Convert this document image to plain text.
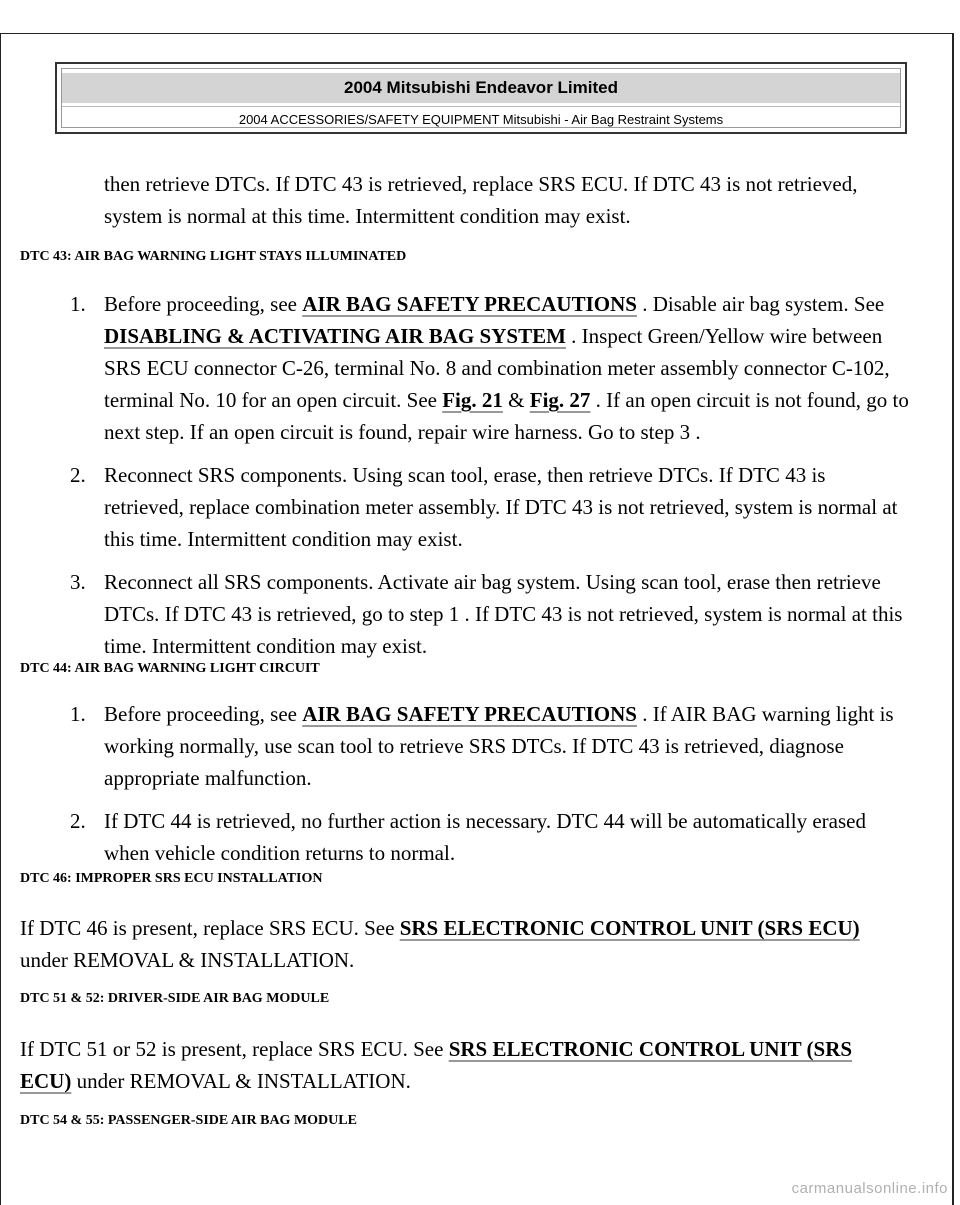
2004 Mitsubishi Endeavor Limited
2004 ACCESSORIES/SAFETY EQUIPMENT Mitsubishi - Air Bag Restraint Systems
then retrieve DTCs. If DTC 43 is retrieved, replace SRS ECU. If DTC 43 is not retrieved, system is normal at this time. Intermittent condition may exist.
DTC 43: AIR BAG WARNING LIGHT STAYS ILLUMINATED
1. Before proceeding, see AIR BAG SAFETY PRECAUTIONS . Disable air bag system. See DISABLING & ACTIVATING AIR BAG SYSTEM . Inspect Green/Yellow wire between SRS ECU connector C-26, terminal No. 8 and combination meter assembly connector C-102, terminal No. 10 for an open circuit. See Fig. 21 & Fig. 27 . If an open circuit is not found, go to next step. If an open circuit is found, repair wire harness. Go to step 3 .
2. Reconnect SRS components. Using scan tool, erase, then retrieve DTCs. If DTC 43 is retrieved, replace combination meter assembly. If DTC 43 is not retrieved, system is normal at this time. Intermittent condition may exist.
3. Reconnect all SRS components. Activate air bag system. Using scan tool, erase then retrieve DTCs. If DTC 43 is retrieved, go to step 1 . If DTC 43 is not retrieved, system is normal at this time. Intermittent condition may exist.
DTC 44: AIR BAG WARNING LIGHT CIRCUIT
1. Before proceeding, see AIR BAG SAFETY PRECAUTIONS . If AIR BAG warning light is working normally, use scan tool to retrieve SRS DTCs. If DTC 43 is retrieved, diagnose appropriate malfunction.
2. If DTC 44 is retrieved, no further action is necessary. DTC 44 will be automatically erased when vehicle condition returns to normal.
DTC 46: IMPROPER SRS ECU INSTALLATION
If DTC 46 is present, replace SRS ECU. See SRS ELECTRONIC CONTROL UNIT (SRS ECU) under REMOVAL & INSTALLATION.
DTC 51 & 52: DRIVER-SIDE AIR BAG MODULE
If DTC 51 or 52 is present, replace SRS ECU. See SRS ELECTRONIC CONTROL UNIT (SRS ECU) under REMOVAL & INSTALLATION.
DTC 54 & 55: PASSENGER-SIDE AIR BAG MODULE
carmanualsonline.info
